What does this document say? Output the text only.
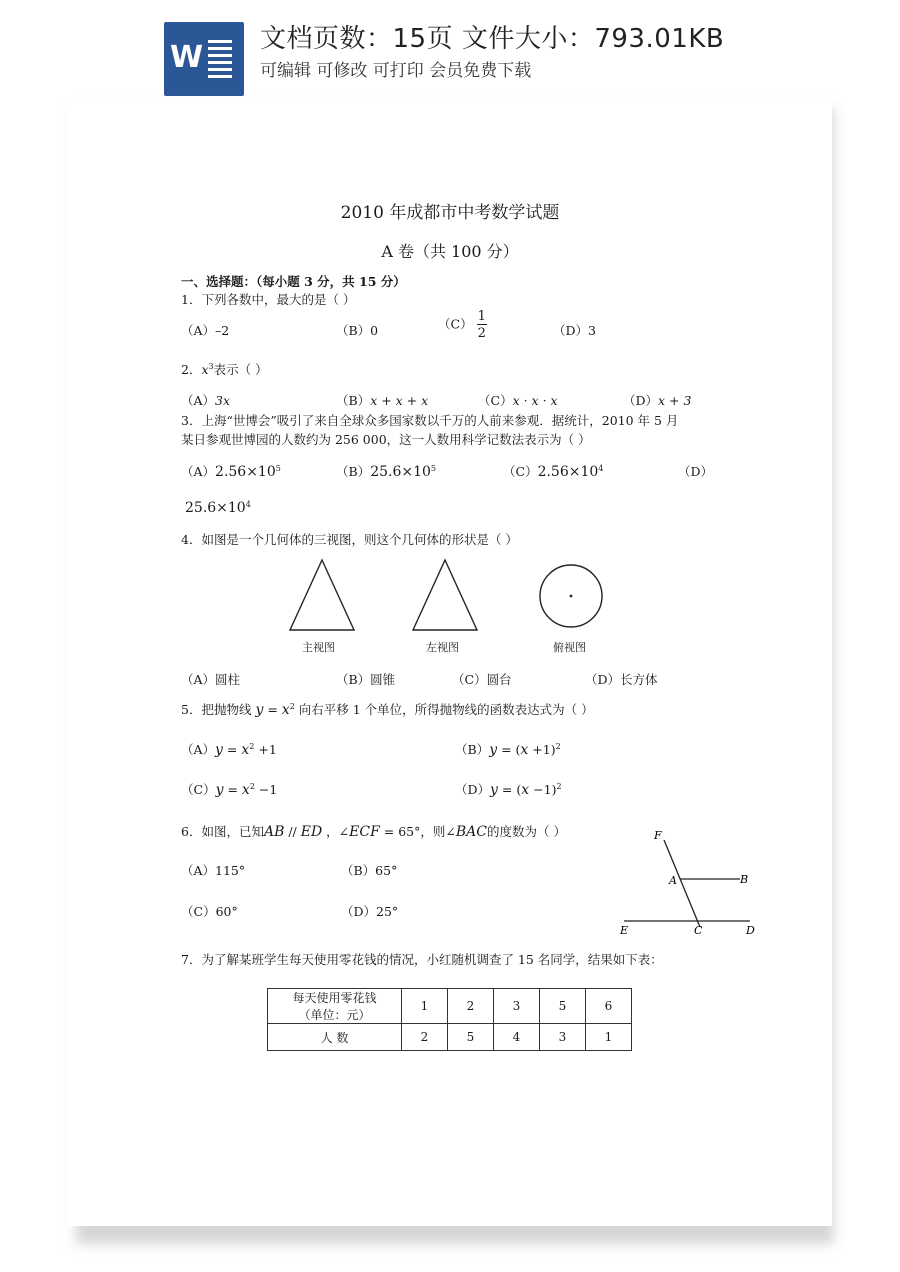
W
文档页数：15页 文件大小：793.01KB
可编辑 可修改 可打印 会员免费下载
2010 年成都市中考数学试题
A 卷（共 100 分）
一、选择题：（每小题 3 分，共 15 分）
1．下列各数中，最大的是（ ）
（A）–2	（B）0	$(C) \frac{1}{2}$	（D）3
2．$x^3$表示（ ）
（A）3x	（B）x + x + x	（C）x · x · x	（D）x + 3
3．上海“世博会”吸引了来自全球众多国家数以千万的人前来参观．据统计，2010 年 5 月
某日参观世博园的人数约为 256 000，这一人数用科学记数法表示为（ ）
$(A)2.56\times 10^5$	$(B)25.6\times 10^5$	$(C)2.56\times 10^4$	（D）
$25.6\times 10^4$
4．如图是一个几何体的三视图，则这个几何体的形状是（ ）
主视图	左视图	俯视图
（A）圆柱	（B）圆锥	（C）圆台	（D）长方体
5．把抛物线 $y = x^2$ 向右平移 1 个单位，所得抛物线的函数表达式为（ ）
$(A)y = x^2 +1$	$(B)y = (x +1)^2$
$(C)y = x^2 -1$	$(D)y = (x -1)^2$
6．如图，已知AB // ED ，∠ECF = 65°，则∠BAC的度数为（ ）
（A）115°	（B）65°
（C）60°	（D）25°
F
A	B
E	C	D
7．为了解某班学生每天使用零花钱的情况，小红随机调查了 15 名同学，结果如下表：
每天使用零花钱
（单位：元）	1	2	3	5	6
人 数	2	5	4	3	1
